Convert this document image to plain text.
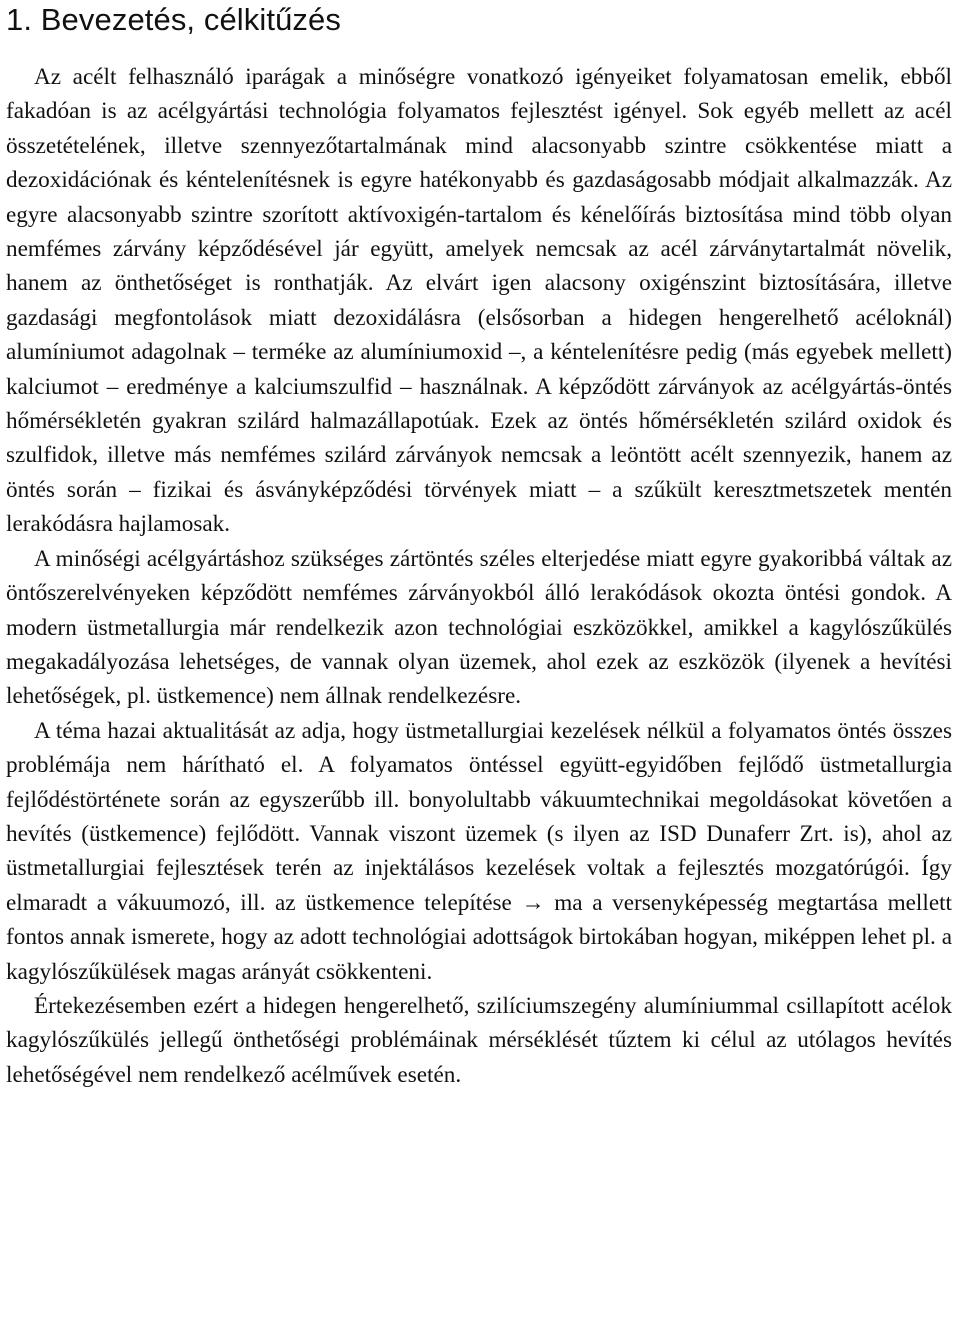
1. Bevezetés, célkitűzés

Az acélt felhasználó iparágak a minőségre vonatkozó igényeiket folyamatosan emelik, ebből fakadóan is az acélgyártási technológia folyamatos fejlesztést igényel. Sok egyéb mellett az acél összetételének, illetve szennyezőtartalmának mind alacsonyabb szintre csökkentése miatt a dezoxidációnak és kéntelenítésnek is egyre hatékonyabb és gazdaságosabb módjait alkalmazzák. Az egyre alacsonyabb szintre szorított aktívoxigén-tartalom és kénelőírás biztosítása mind több olyan nemfémes zárvány képződésével jár együtt, amelyek nemcsak az acél zárványtartalmát növelik, hanem az önthetőséget is ronthatják. Az elvárt igen alacsony oxigénszint biztosítására, illetve gazdasági megfontolások miatt dezoxidálásra (elsősorban a hidegen hengerelhető acéloknál) alumíniumot adagolnak – terméke az alumíniumoxid –, a kéntelenítésre pedig (más egyebek mellett) kalciumot – eredménye a kalciumszulfid – használnak. A képződött zárványok az acélgyártás-öntés hőmérsékletén gyakran szilárd halmazállapotúak. Ezek az öntés hőmérsékletén szilárd oxidok és szulfidok, illetve más nemfémes szilárd zárványok nemcsak a leöntött acélt szennyezik, hanem az öntés során – fizikai és ásványképződési törvények miatt – a szűkült keresztmetszetek mentén lerakódásra hajlamosak.

A minőségi acélgyártáshoz szükséges zártöntés széles elterjedése miatt egyre gyakoribbá váltak az öntőszerelvényeken képződött nemfémes zárványokból álló lerakódások okozta öntési gondok. A modern üstmetallurgia már rendelkezik azon technológiai eszközökkel, amikkel a kagylószűkülés megakadályozása lehetséges, de vannak olyan üzemek, ahol ezek az eszközök (ilyenek a hevítési lehetőségek, pl. üstkemence) nem állnak rendelkezésre.

A téma hazai aktualitását az adja, hogy üstmetallurgiai kezelések nélkül a folyamatos öntés összes problémája nem hárítható el. A folyamatos öntéssel együtt-egyidőben fejlődő üstmetallurgia fejlődéstörténete során az egyszerűbb ill. bonyolultabb vákuumtechnikai megoldásokat követően a hevítés (üstkemence) fejlődött. Vannak viszont üzemek (s ilyen az ISD Dunaferr Zrt. is), ahol az üstmetallurgiai fejlesztések terén az injektálásos kezelések voltak a fejlesztés mozgatórúgói. Így elmaradt a vákuumozó, ill. az üstkemence telepítése → ma a versenyképesség megtartása mellett fontos annak ismerete, hogy az adott technológiai adottságok birtokában hogyan, miképpen lehet pl. a kagylószűkülések magas arányát csökkenteni.

Értekezésemben ezért a hidegen hengerelhető, szilíciumszegény alumíniummal csillapított acélok kagylószűkülés jellegű önthetőségi problémáinak mérséklését tűztem ki célul az utólagos hevítés lehetőségével nem rendelkező acélművek esetén.
